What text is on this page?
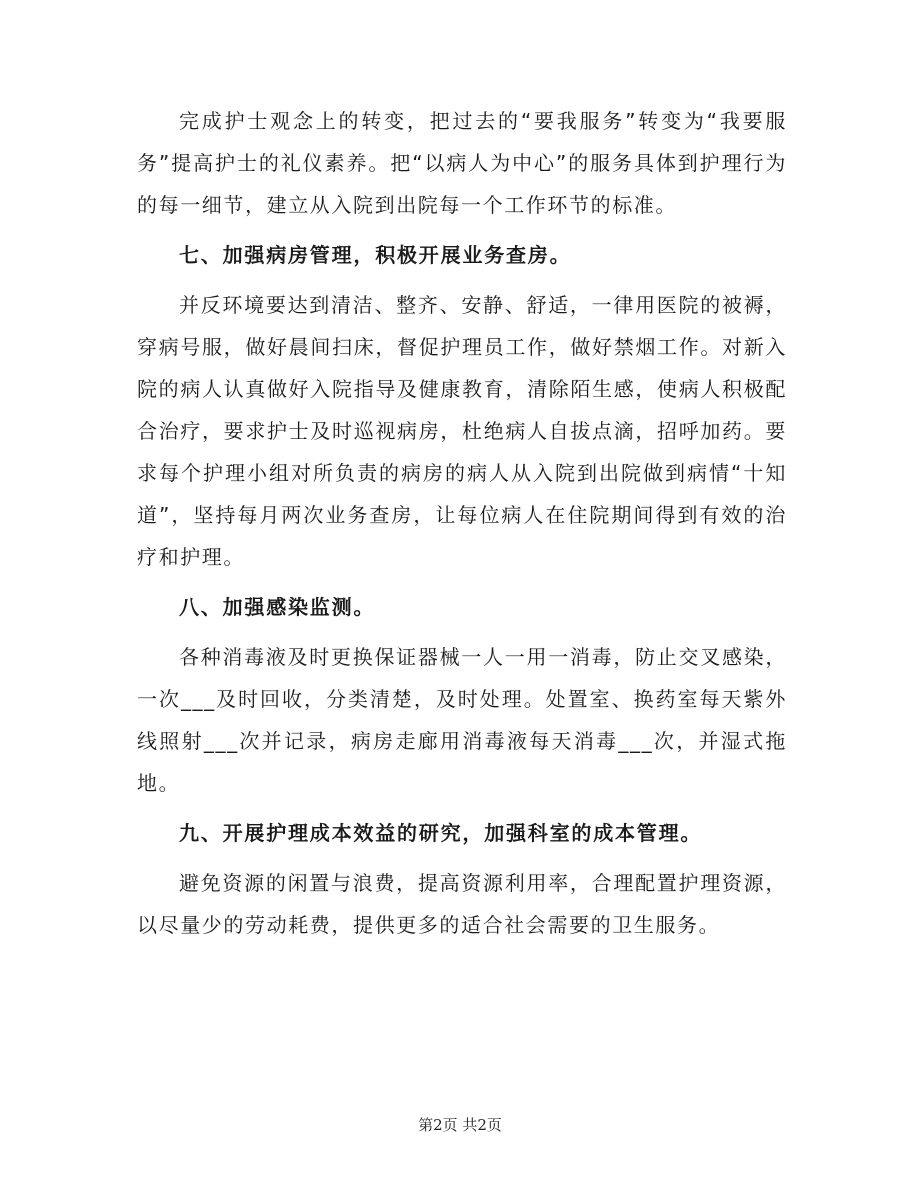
完成护士观念上的转变，把过去的“要我服务”转变为“我要服务”提高护士的礼仪素养。把“以病人为中心”的服务具体到护理行为的每一细节，建立从入院到出院每一个工作环节的标准。

七、加强病房管理，积极开展业务查房。

并反环境要达到清洁、整齐、安静、舒适，一律用医院的被褥，穿病号服，做好晨间扫床，督促护理员工作，做好禁烟工作。对新入院的病人认真做好入院指导及健康教育，清除陌生感，使病人积极配合治疗，要求护士及时巡视病房，杜绝病人自拔点滴，招呼加药。要求每个护理小组对所负责的病房的病人从入院到出院做到病情“十知道”，坚持每月两次业务查房，让每位病人在住院期间得到有效的治疗和护理。

八、加强感染监测。

各种消毒液及时更换保证器械一人一用一消毒，防止交叉感染，一次___及时回收，分类清楚，及时处理。处置室、换药室每天紫外线照射___次并记录，病房走廊用消毒液每天消毒___次，并湿式拖地。

九、开展护理成本效益的研究，加强科室的成本管理。

避免资源的闲置与浪费，提高资源利用率，合理配置护理资源，以尽量少的劳动耗费，提供更多的适合社会需要的卫生服务。

第2页 共2页
